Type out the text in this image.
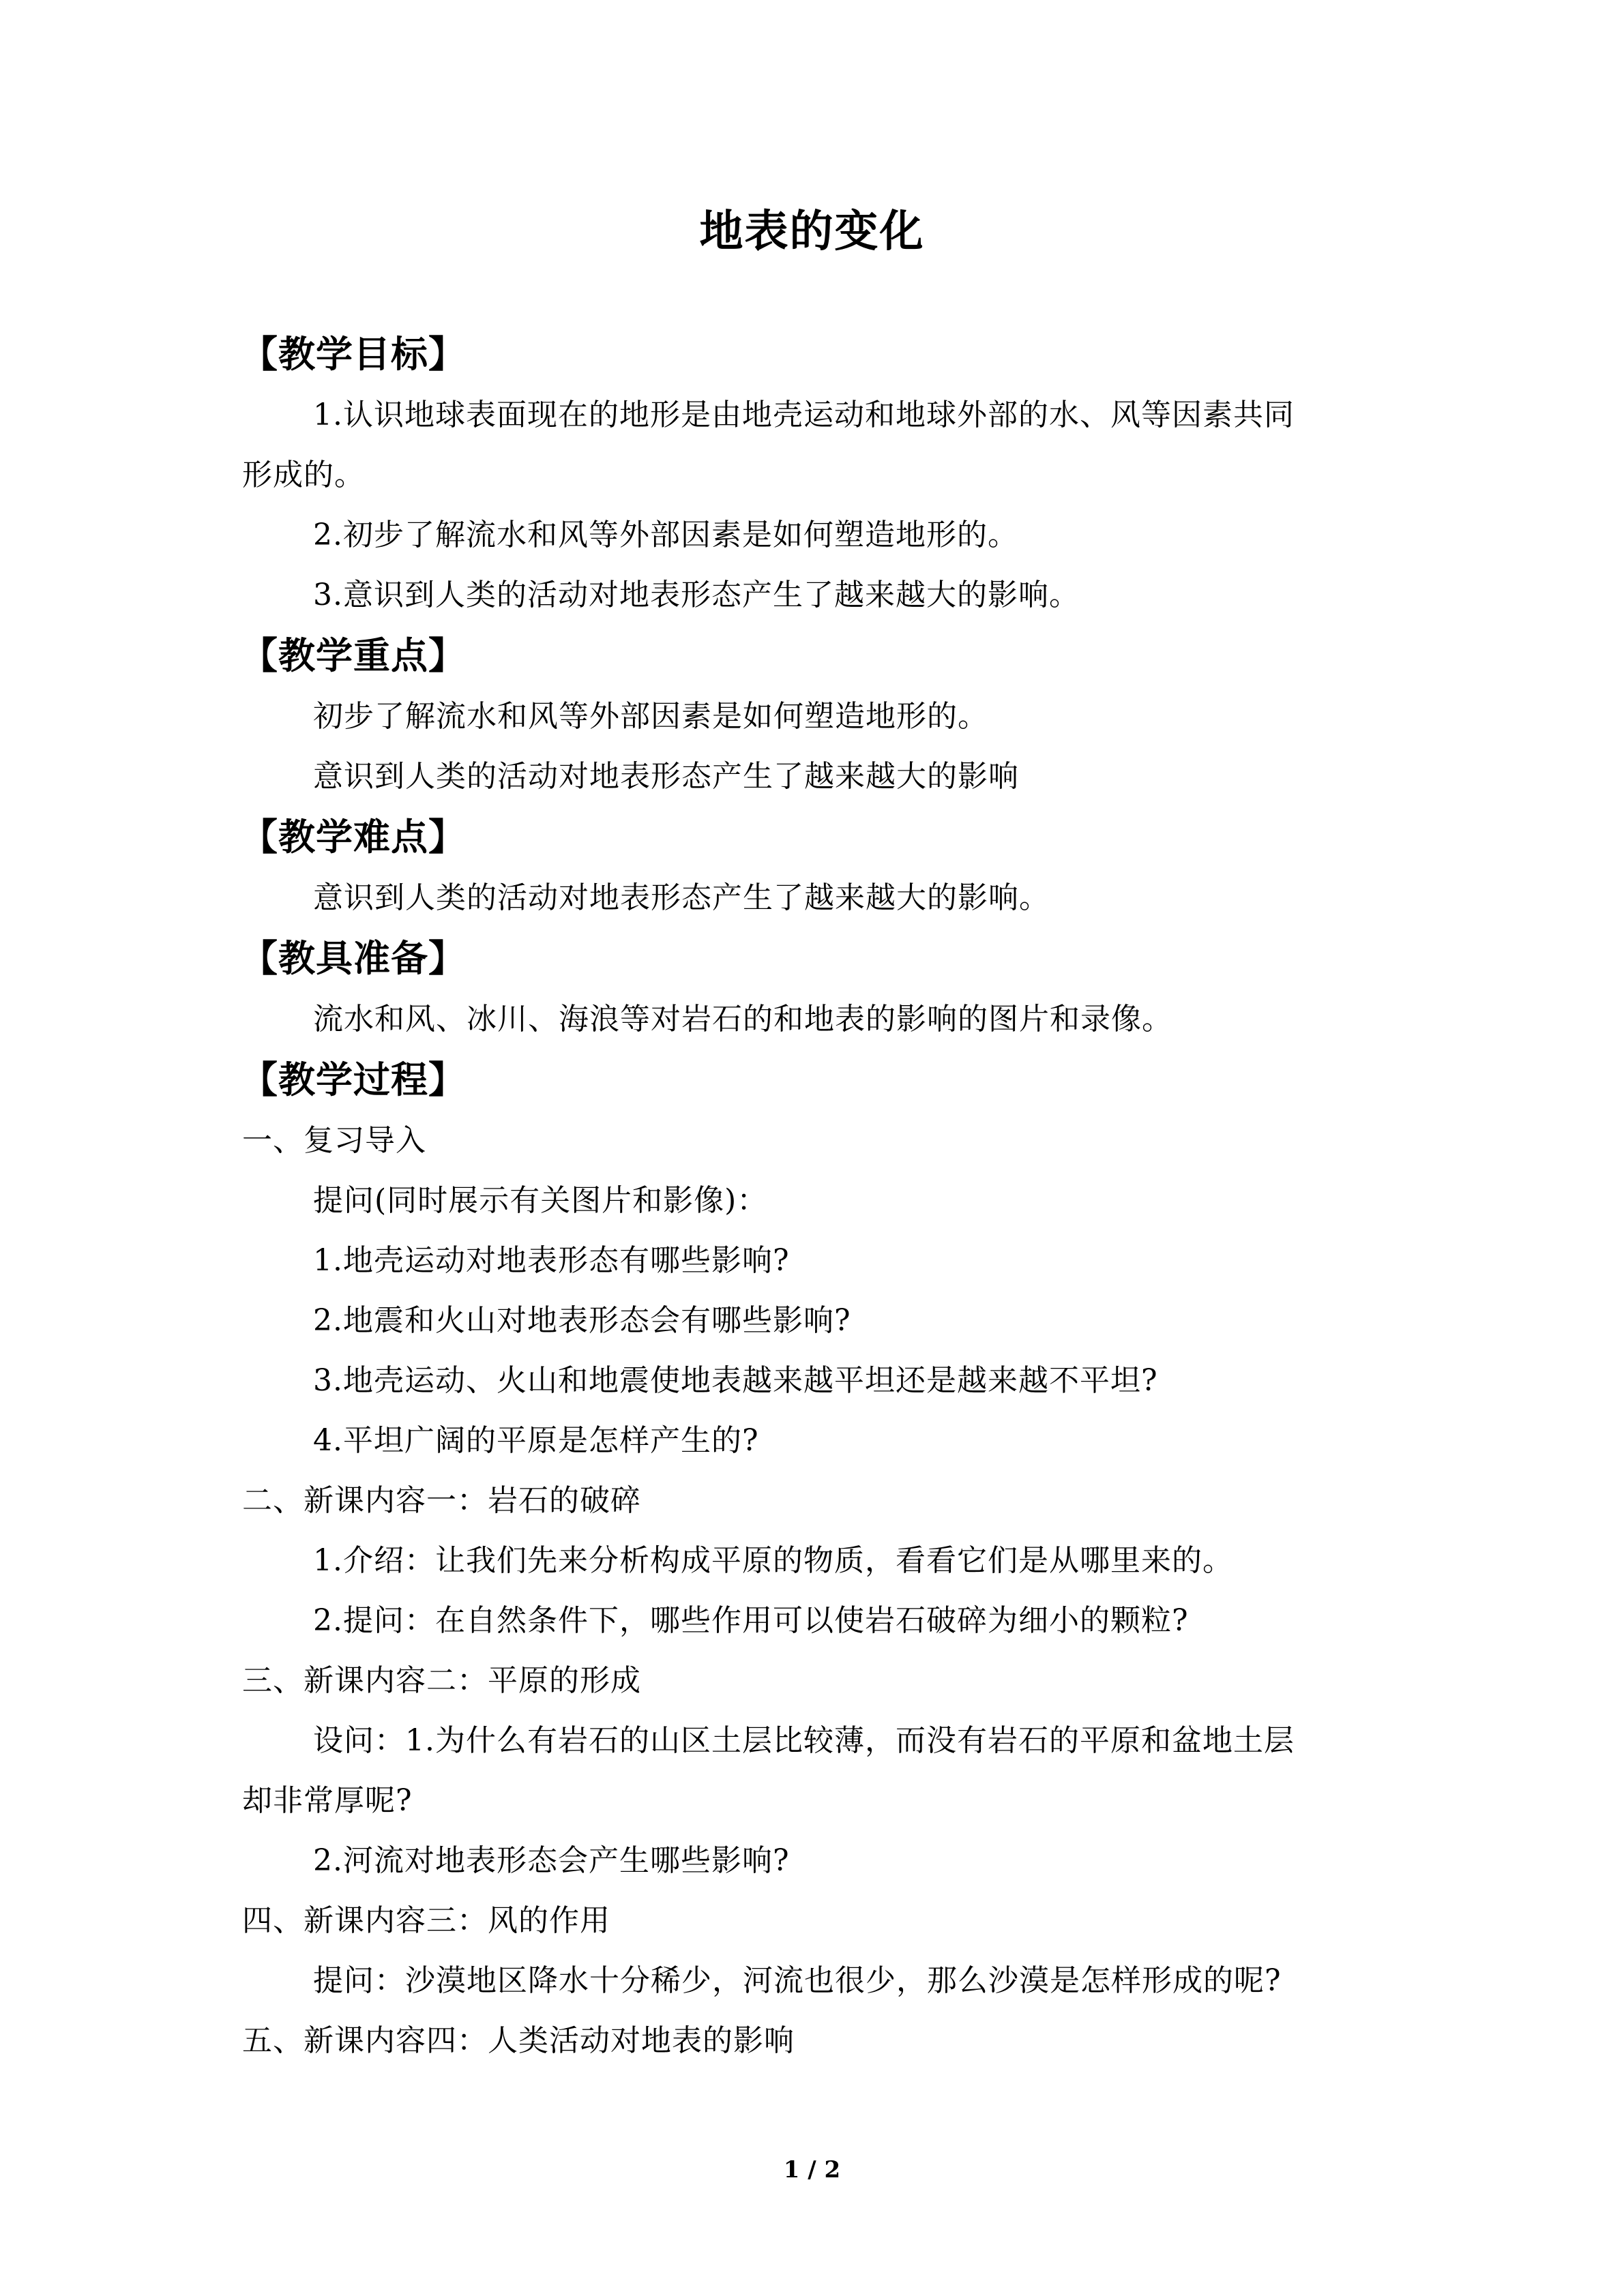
地表的变化
【教学目标】
1.认识地球表面现在的地形是由地壳运动和地球外部的水、风等因素共同
形成的。
2.初步了解流水和风等外部因素是如何塑造地形的。
3.意识到人类的活动对地表形态产生了越来越大的影响。
【教学重点】
初步了解流水和风等外部因素是如何塑造地形的。
意识到人类的活动对地表形态产生了越来越大的影响
【教学难点】
意识到人类的活动对地表形态产生了越来越大的影响。
【教具准备】
流水和风、冰川、海浪等对岩石的和地表的影响的图片和录像。
【教学过程】
一、复习导入
提问(同时展示有关图片和影像)：
1.地壳运动对地表形态有哪些影响?
2.地震和火山对地表形态会有哪些影响?
3.地壳运动、火山和地震使地表越来越平坦还是越来越不平坦?
4.平坦广阔的平原是怎样产生的?
二、新课内容一：岩石的破碎
1.介绍：让我们先来分析构成平原的物质，看看它们是从哪里来的。
2.提问：在自然条件下，哪些作用可以使岩石破碎为细小的颗粒?
三、新课内容二：平原的形成
设问：1.为什么有岩石的山区土层比较薄，而没有岩石的平原和盆地土层
却非常厚呢?
2.河流对地表形态会产生哪些影响?
四、新课内容三：风的作用
提问：沙漠地区降水十分稀少，河流也很少，那么沙漠是怎样形成的呢?
五、新课内容四：人类活动对地表的影响
1 / 2
